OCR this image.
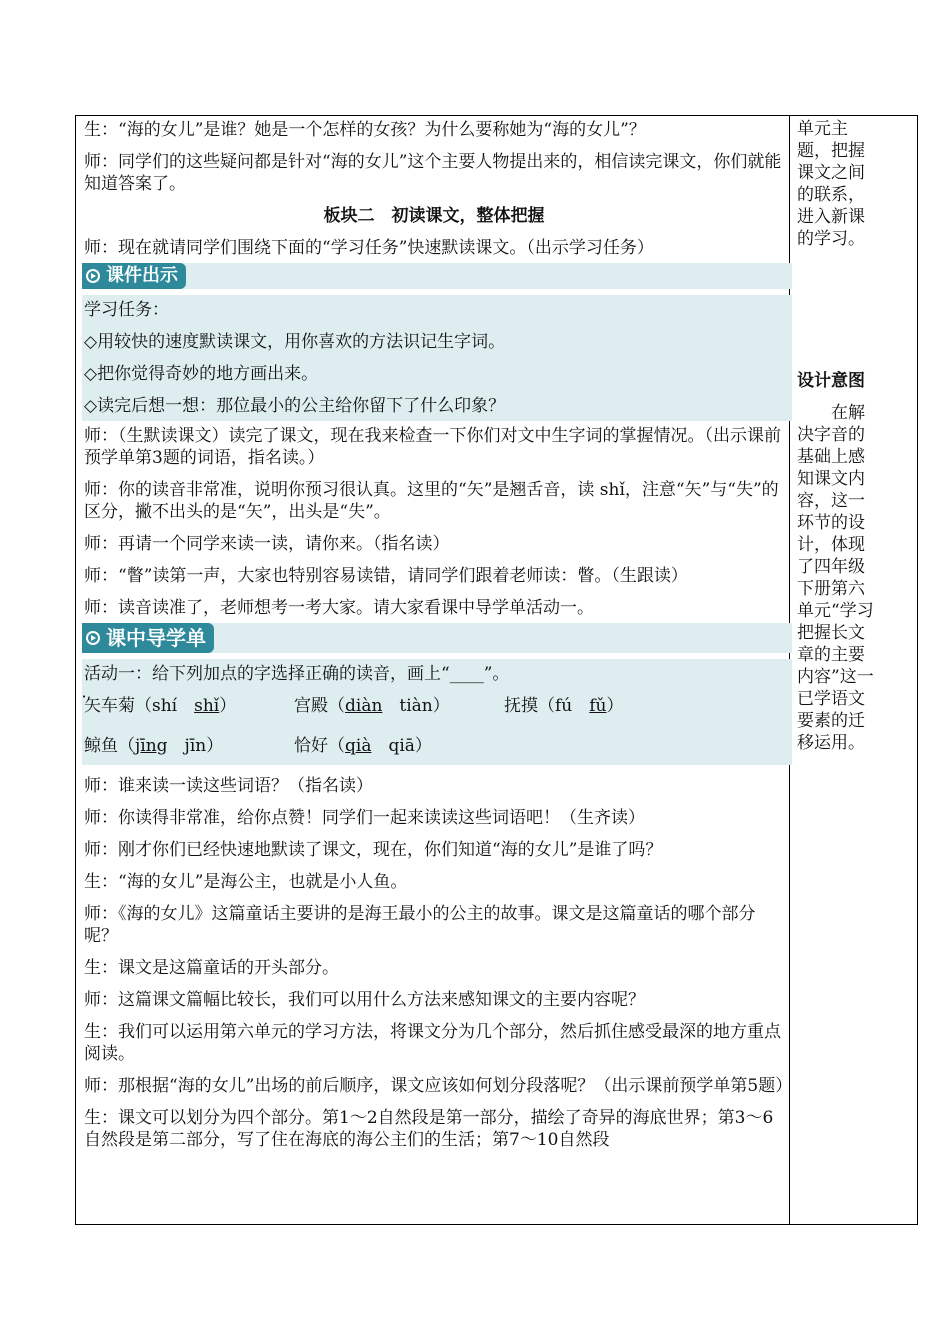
生：“海的女儿”是谁？她是一个怎样的女孩？为什么要称她为“海的女儿”？

师：同学们的这些疑问都是针对“海的女儿”这个主要人物提出来的，相信读完课文，你们就能知道答案了。

板块二　初读课文，整体把握

师：现在就请同学们围绕下面的“学习任务”快速默读课文。（出示学习任务）

课件出示

学习任务：

◇用较快的速度默读课文，用你喜欢的方法识记生字词。

◇把你觉得奇妙的地方画出来。

◇读完后想一想：那位最小的公主给你留下了什么印象？

师：（生默读课文）读完了课文，现在我来检查一下你们对文中生字词的掌握情况。（出示课前预学单第3题的词语，指名读。）

师：你的读音非常准，说明你预习很认真。这里的“矢”是翘舌音，读 shǐ，注意“矢”与“失”的区分，撇不出头的是“矢”，出头是“失”。

师：再请一个同学来读一读，请你来。（指名读）

师：“瞥”读第一声，大家也特别容易读错，请同学们跟着老师读：瞥。（生跟读）

师：读音读准了，老师想考一考大家。请大家看课中导学单活动一。

课中导学单

活动一：给下列加点的字选择正确的读音，画上“____”。

矢车菊（shí　shǐ）	宫殿（diàn　tiàn）	抚摸（fú　fǔ）
鲸鱼（jīng　jīn）	恰好（qià　qiā）

师：谁来读一读这些词语？（指名读）

师：你读得非常准，给你点赞！同学们一起来读读这些词语吧！（生齐读）

师：刚才你们已经快速地默读了课文，现在，你们知道“海的女儿”是谁了吗？

生：“海的女儿”是海公主，也就是小人鱼。

师：《海的女儿》这篇童话主要讲的是海王最小的公主的故事。课文是这篇童话的哪个部分呢？

生：课文是这篇童话的开头部分。

师：这篇课文篇幅比较长，我们可以用什么方法来感知课文的主要内容呢？

生：我们可以运用第六单元的学习方法，将课文分为几个部分，然后抓住感受最深的地方重点阅读。

师：那根据“海的女儿”出场的前后顺序，课文应该如何划分段落呢？（出示课前预学单第5题）

生：课文可以划分为四个部分。第1～2自然段是第一部分，描绘了奇异的海底世界；第3～6自然段是第二部分，写了住在海底的海公主们的生活；第7～10自然段

单元主题，把握课文之间的联系，进入新课的学习。

设计意图

　　在解决字音的基础上感知课文内容，这一环节的设计，体现了四年级下册第六单元“学习把握长文章的主要内容”这一已学语文要素的迁移运用。
